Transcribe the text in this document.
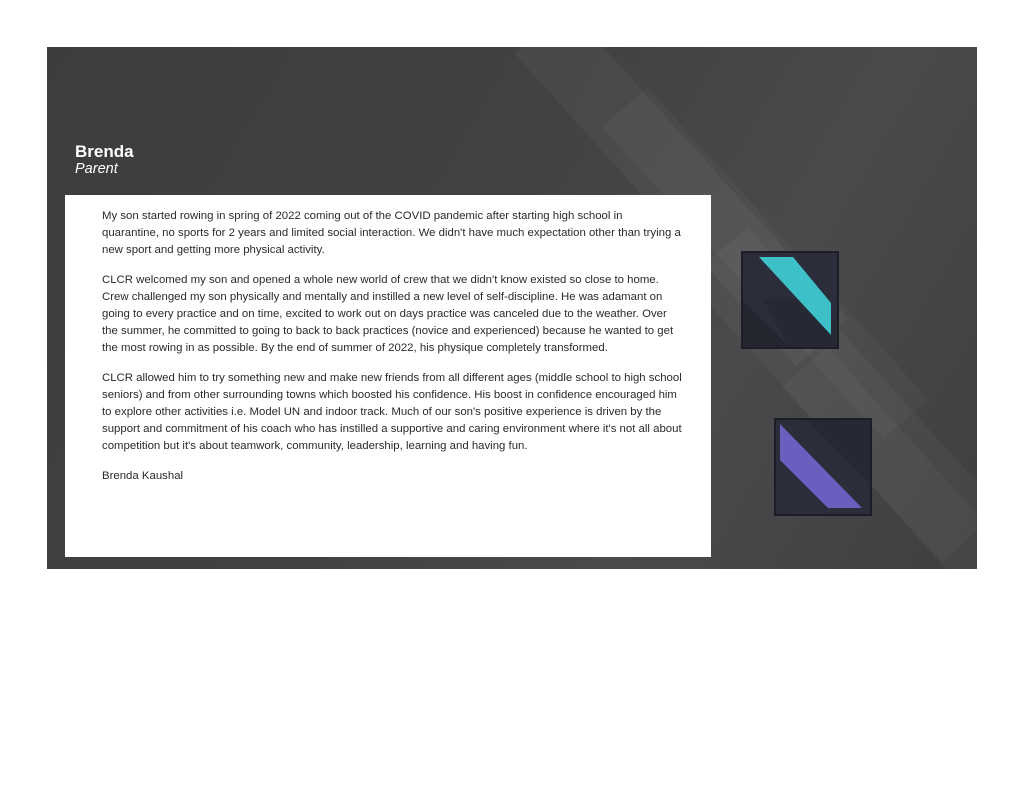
Brenda
Parent

My son started rowing in spring of 2022 coming out of the COVID pandemic after starting high school in quarantine, no sports for 2 years and limited social interaction. We didn't have much expectation other than trying a new sport and getting more physical activity.

CLCR welcomed my son and opened a whole new world of crew that we didn't know existed so close to home. Crew challenged my son physically and mentally and instilled a new level of self-discipline. He was adamant on going to every practice and on time, excited to work out on days practice was canceled due to the weather. Over the summer, he committed to going to back to back practices (novice and experienced) because he wanted to get the most rowing in as possible. By the end of summer of 2022, his physique completely transformed.

CLCR allowed him to try something new and make new friends from all different ages (middle school to high school seniors) and from other surrounding towns which boosted his confidence. His boost in confidence encouraged him to explore other activities i.e. Model UN and indoor track. Much of our son's positive experience is driven by the support and commitment of his coach who has instilled a supportive and caring environment where it's not all about competition but it's about teamwork, community, leadership, learning and having fun.

Brenda Kaushal
